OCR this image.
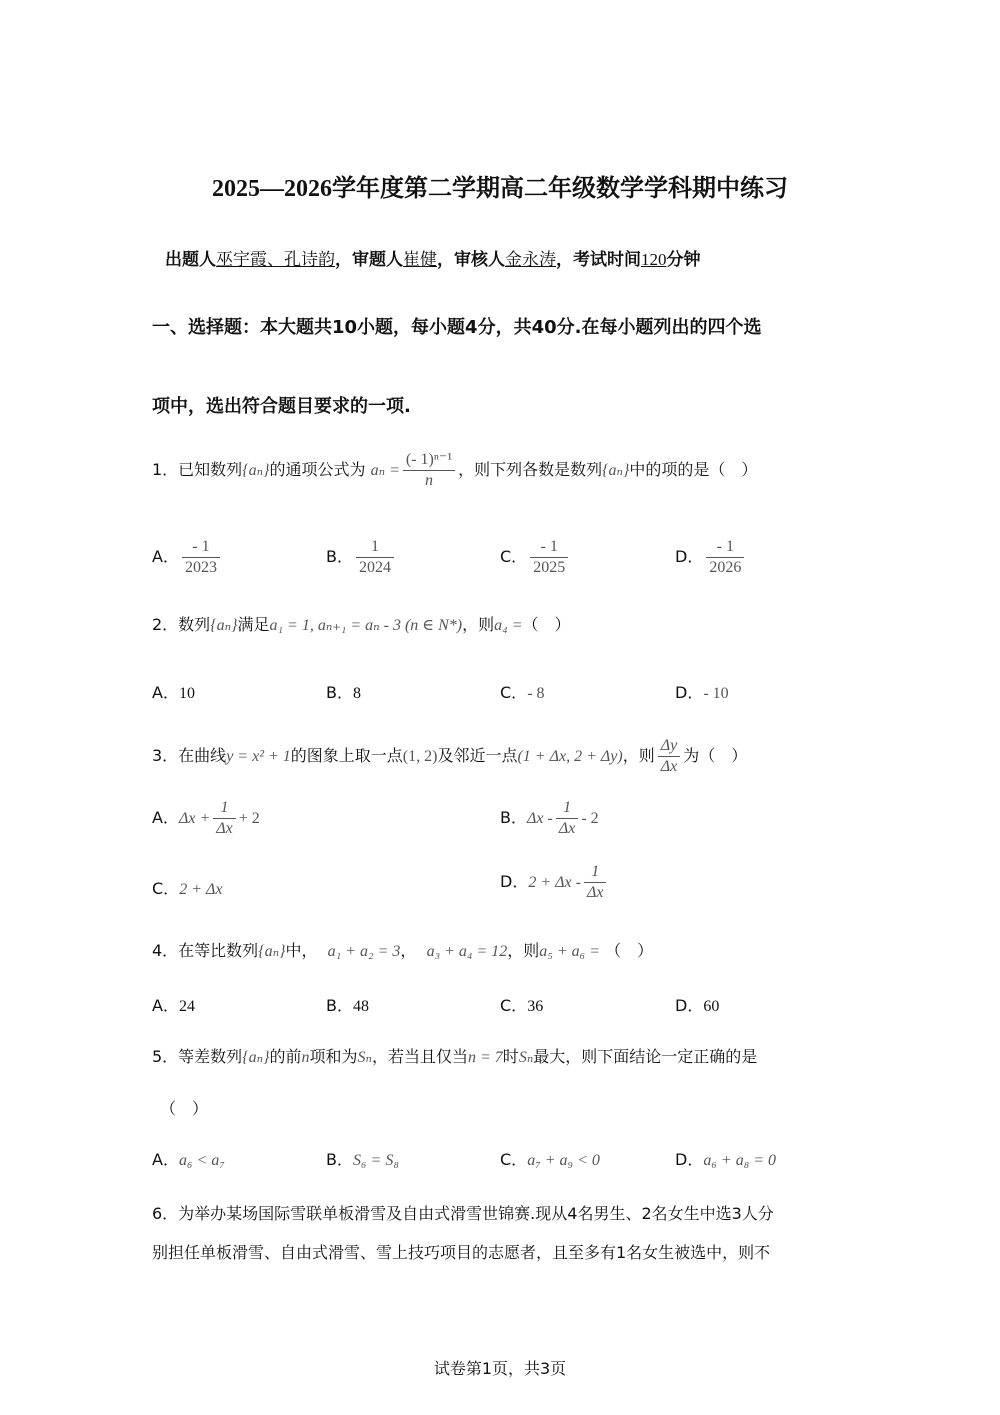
2025—2026学年度第二学期高二年级数学学科期中练习
出题人巫宇霞、孔诗韵，审题人崔健，审核人金永涛，考试时间120分钟
一、选择题：本大题共10小题，每小题4分，共40分.在每小题列出的四个选
项中，选出符合题目要求的一项.
1．已知数列{aₙ}的通项公式为 $a_n = \frac{\text{(- 1)ⁿ⁻¹}}{n}$ ，则下列各数是数列{aₙ}中的项的是（　）
A． $\frac{- 1}{2023}$	B． $\frac{1}{2024}$	C． $\frac{- 1}{2025}$	D． $\frac{- 1}{2026}$
2．数列{aₙ}满足a₁ = 1, aₙ₊₁ = aₙ - 3 (n ∈ N*)，则a₄ =（　）
A．10	B．8	C．- 8	D．- 10
3．在曲线y = x² + 1的图象上取一点(1, 2)及邻近一点(1 + Δx, 2 + Δy)，则 $\frac{\Delta y}{\Delta x}$ 为（　）
A．$\Delta x + \frac{1}{\Delta x} + 2$	B．Δx - $\frac{1}{\Delta x} - 2$
C．2 + Δx	D．$2 + \Delta x - \frac{1}{\Delta x}$
4．在等比数列{aₙ}中， a₁ + a₂ = 3， a₃ + a₄ = 12，则a₅ + a₆ = （　）
A．24	B．48	C．36	D．60
5．等差数列{aₙ}的前n项和为Sₙ，若当且仅当n = 7时Sₙ最大，则下面结论一定正确的是
（　）
A．a₆ < a₇	B．S₆ = S₈	C．a₇ + a₉ < 0	D．a₆ + a₈ = 0
6．为举办某场国际雪联单板滑雪及自由式滑雪世锦赛.现从4名男生、2名女生中选3人分
别担任单板滑雪、自由式滑雪、雪上技巧项目的志愿者，且至多有1名女生被选中，则不
试卷第1页，共3页
